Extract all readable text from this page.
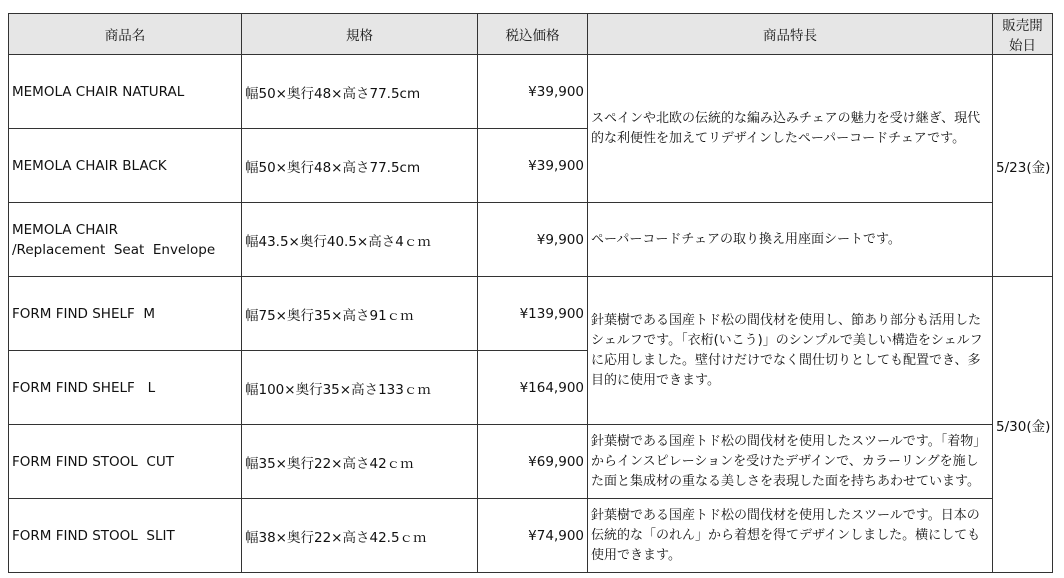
商品名	規格	税込価格	商品特長	販売開始日
MEMOLA CHAIR NATURAL	幅50×奥行48×高さ77.5cm	¥39,900	スペインや北欧の伝統的な編み込みチェアの魅力を受け継ぎ、現代的な利便性を加えてリデザインしたペーパーコードチェアです。	5/23(金)
MEMOLA CHAIR BLACK	幅50×奥行48×高さ77.5cm	¥39,900		

MEMOLA CHAIR
/Replacement  Seat  Envelope	幅43.5×奥行40.5×高さ4ｃｍ	¥9,900	ペーパーコードチェアの取り換え用座面シートです。	
FORM FIND SHELF  M	幅75×奥行35×高さ91ｃｍ	¥139,900	針葉樹である国産トド松の間伐材を使用し、節あり部分も活用したシェルフです。「衣桁(いこう)」のシンプルで美しい構造をシェルフに応用しました。壁付けだけでなく間仕切りとしても配置でき、多目的に使用できます。	5/30(金)
FORM FIND SHELF   L	幅100×奥行35×高さ133ｃｍ	¥164,900		
FORM FIND STOOL  CUT	幅35×奥行22×高さ42ｃｍ	¥69,900	針葉樹である国産トド松の間伐材を使用したスツールです。「着物」からインスピレーションを受けたデザインで、カラーリングを施した面と集成材の重なる美しさを表現した面を持ちあわせています。	
FORM FIND STOOL  SLIT	幅38×奥行22×高さ42.5ｃｍ	¥74,900	針葉樹である国産トド松の間伐材を使用したスツールです。日本の伝統的な「のれん」から着想を得てデザインしました。横にしても使用できます。	
